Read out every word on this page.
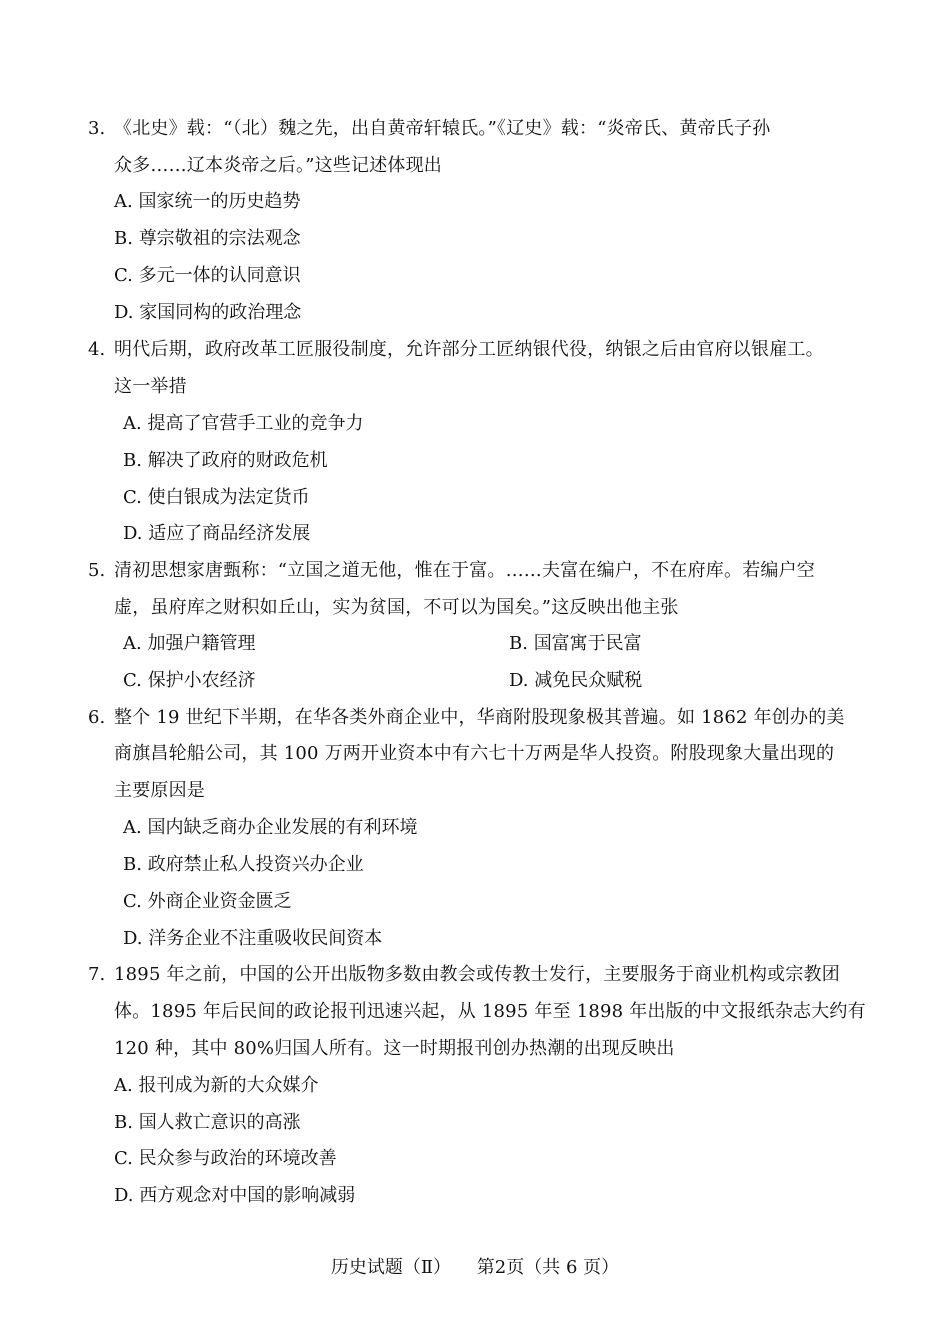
3. 《北史》载：“（北）魏之先，出自黄帝轩辕氏。”《辽史》载：“炎帝氏、黄帝氏子孙
众多……辽本炎帝之后。”这些记述体现出
A. 国家统一的历史趋势
B. 尊宗敬祖的宗法观念
C. 多元一体的认同意识
D. 家国同构的政治理念
4. 明代后期，政府改革工匠服役制度，允许部分工匠纳银代役，纳银之后由官府以银雇工。
这一举措
A. 提高了官营手工业的竞争力
B. 解决了政府的财政危机
C. 使白银成为法定货币
D. 适应了商品经济发展
5. 清初思想家唐甄称：“立国之道无他，惟在于富。……夫富在编户，不在府库。若编户空
虚，虽府库之财积如丘山，实为贫国，不可以为国矣。”这反映出他主张
A. 加强户籍管理	B. 国富寓于民富
C. 保护小农经济	D. 减免民众赋税
6. 整个 19 世纪下半期，在华各类外商企业中，华商附股现象极其普遍。如 1862 年创办的美
商旗昌轮船公司，其 100 万两开业资本中有六七十万两是华人投资。附股现象大量出现的
主要原因是
A. 国内缺乏商办企业发展的有利环境
B. 政府禁止私人投资兴办企业
C. 外商企业资金匮乏
D. 洋务企业不注重吸收民间资本
7. 1895 年之前，中国的公开出版物多数由教会或传教士发行，主要服务于商业机构或宗教团
体。1895 年后民间的政论报刊迅速兴起，从 1895 年至 1898 年出版的中文报纸杂志大约有
120 种，其中 80%归国人所有。这一时期报刊创办热潮的出现反映出
A. 报刊成为新的大众媒介
B. 国人救亡意识的高涨
C. 民众参与政治的环境改善
D. 西方观念对中国的影响减弱
历史试题（Ⅱ） 第2页（共 6 页）
